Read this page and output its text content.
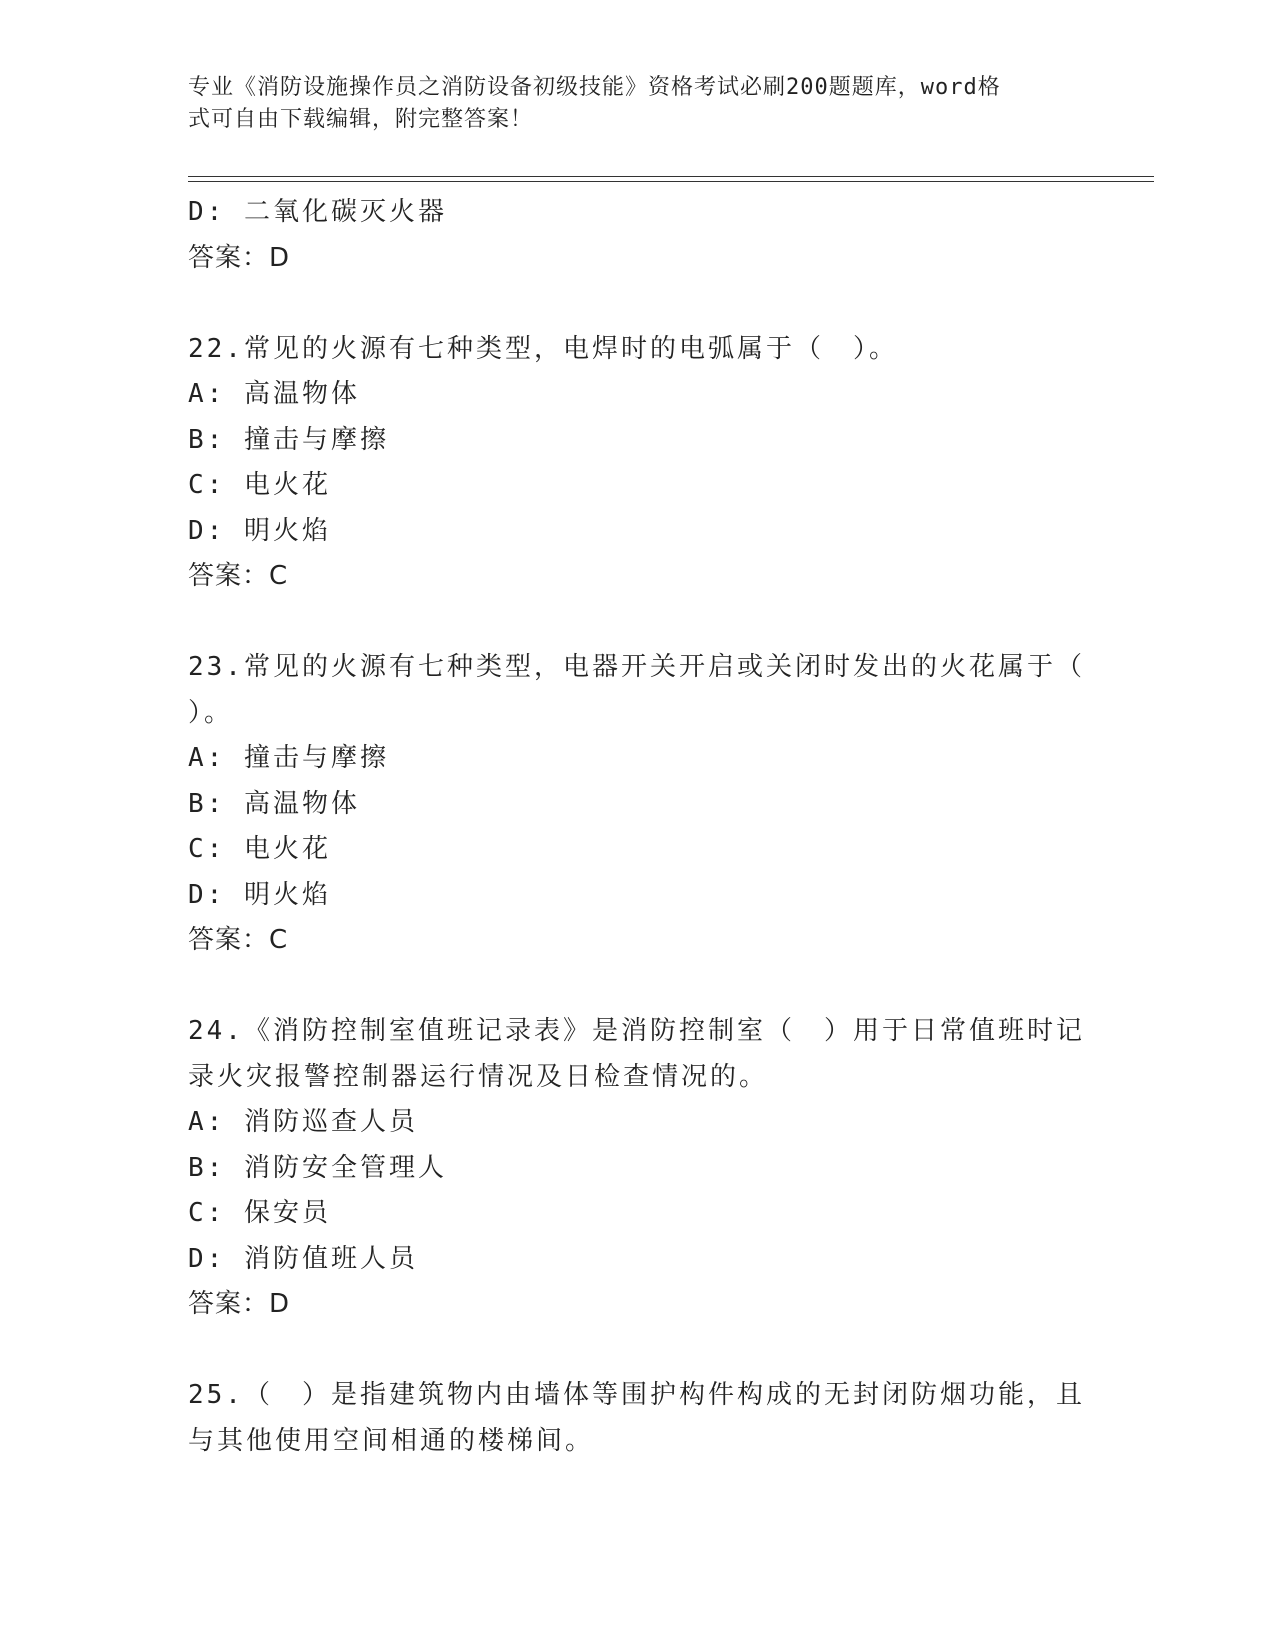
专业《消防设施操作员之消防设备初级技能》资格考试必刷200题题库，word格
式可自由下载编辑，附完整答案！
D: 二氧化碳灭火器
答案：D
22.常见的火源有七种类型，电焊时的电弧属于（　）。
A: 高温物体
B: 撞击与摩擦
C: 电火花
D: 明火焰
答案：C
23.常见的火源有七种类型，电器开关开启或关闭时发出的火花属于（
）。
A: 撞击与摩擦
B: 高温物体
C: 电火花
D: 明火焰
答案：C
24.《消防控制室值班记录表》是消防控制室（　）用于日常值班时记
录火灾报警控制器运行情况及日检查情况的。
A: 消防巡查人员
B: 消防安全管理人
C: 保安员
D: 消防值班人员
答案：D
25.（　）是指建筑物内由墙体等围护构件构成的无封闭防烟功能，且
与其他使用空间相通的楼梯间。
